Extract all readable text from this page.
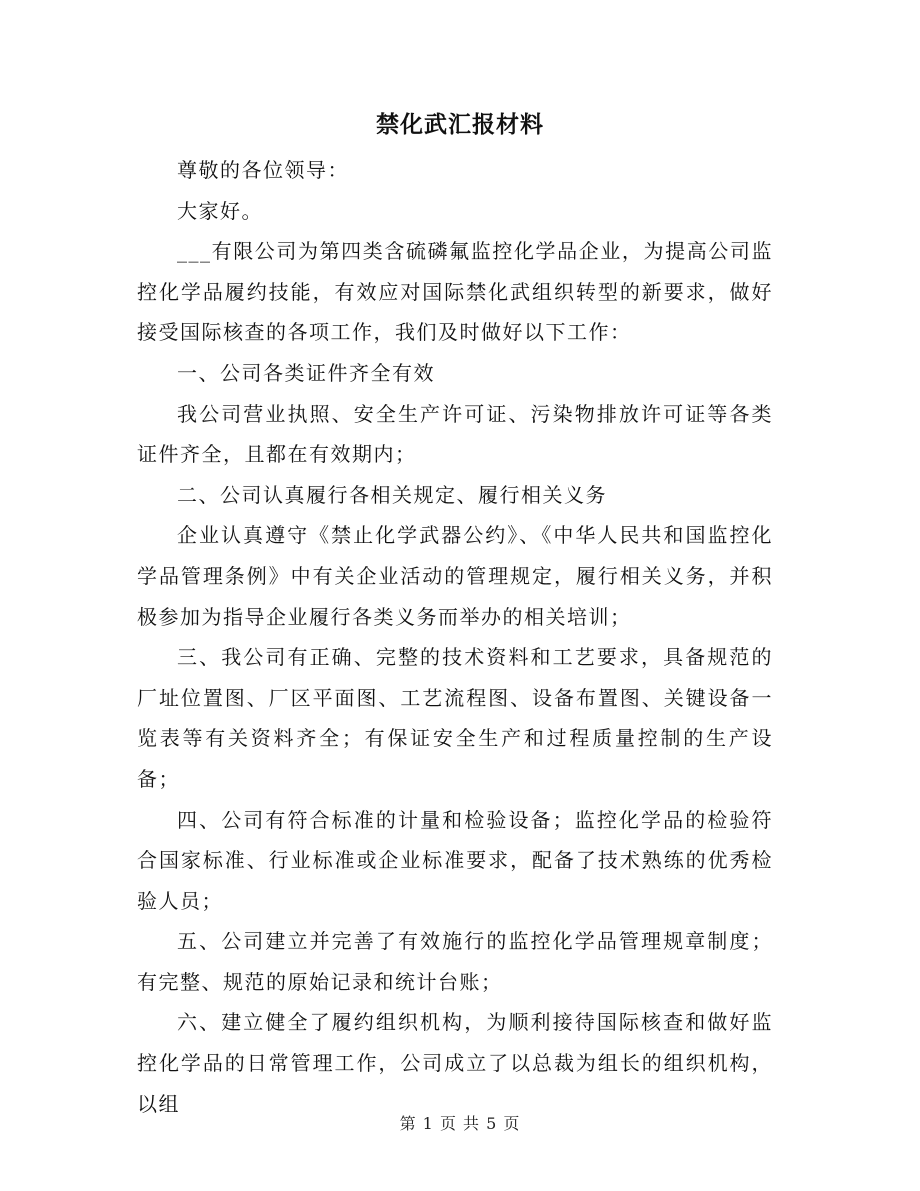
禁化武汇报材料

尊敬的各位领导：

大家好。

___有限公司为第四类含硫磷氟监控化学品企业，为提高公司监控化学品履约技能，有效应对国际禁化武组织转型的新要求，做好接受国际核查的各项工作，我们及时做好以下工作：

一、公司各类证件齐全有效

我公司营业执照、安全生产许可证、污染物排放许可证等各类证件齐全，且都在有效期内；

二、公司认真履行各相关规定、履行相关义务

企业认真遵守《禁止化学武器公约》、《中华人民共和国监控化学品管理条例》中有关企业活动的管理规定，履行相关义务，并积极参加为指导企业履行各类义务而举办的相关培训；

三、我公司有正确、完整的技术资料和工艺要求，具备规范的厂址位置图、厂区平面图、工艺流程图、设备布置图、关键设备一览表等有关资料齐全；有保证安全生产和过程质量控制的生产设备；

四、公司有符合标准的计量和检验设备；监控化学品的检验符合国家标准、行业标准或企业标准要求，配备了技术熟练的优秀检验人员；

五、公司建立并完善了有效施行的监控化学品管理规章制度；有完整、规范的原始记录和统计台账；

六、建立健全了履约组织机构，为顺利接待国际核查和做好监控化学品的日常管理工作，公司成立了以总裁为组长的组织机构，以组

第 1 页 共 5 页
